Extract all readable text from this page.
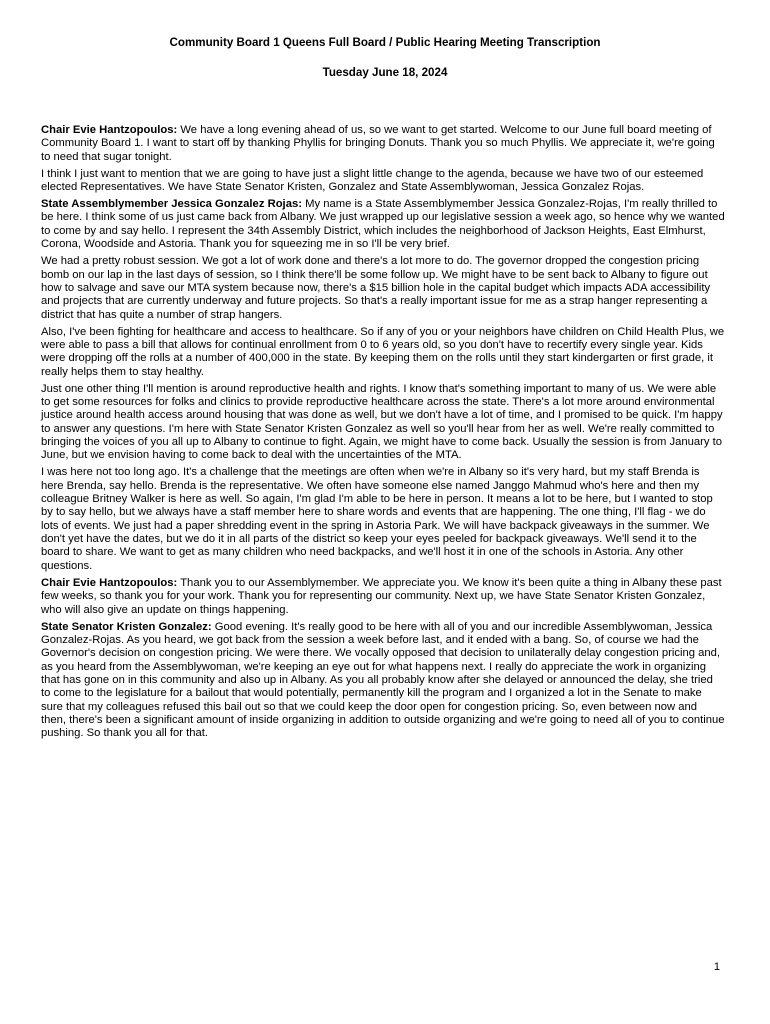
Community Board 1 Queens Full Board / Public Hearing Meeting Transcription
Tuesday June 18, 2024

Chair Evie Hantzopoulos: We have a long evening ahead of us, so we want to get started. Welcome to our June full board meeting of Community Board 1. I want to start off by thanking Phyllis for bringing Donuts. Thank you so much Phyllis. We appreciate it, we're going to need that sugar tonight.

I think I just want to mention that we are going to have just a slight little change to the agenda, because we have two of our esteemed elected Representatives. We have State Senator Kristen, Gonzalez and State Assemblywoman, Jessica Gonzalez Rojas.

State Assemblymember Jessica Gonzalez Rojas: My name is a State Assemblymember Jessica Gonzalez-Rojas, I'm really thrilled to be here. I think some of us just came back from Albany. We just wrapped up our legislative session a week ago, so hence why we wanted to come by and say hello. I represent the 34th Assembly District, which includes the neighborhood of Jackson Heights, East Elmhurst, Corona, Woodside and Astoria. Thank you for squeezing me in so I'll be very brief.

We had a pretty robust session. We got a lot of work done and there's a lot more to do. The governor dropped the congestion pricing bomb on our lap in the last days of session, so I think there'll be some follow up. We might have to be sent back to Albany to figure out how to salvage and save our MTA system because now, there's a $15 billion hole in the capital budget which impacts ADA accessibility and projects that are currently underway and future projects. So that's a really important issue for me as a strap hanger representing a district that has quite a number of strap hangers.

Also, I've been fighting for healthcare and access to healthcare. So if any of you or your neighbors have children on Child Health Plus, we were able to pass a bill that allows for continual enrollment from 0 to 6 years old, so you don't have to recertify every single year. Kids were dropping off the rolls at a number of 400,000 in the state. By keeping them on the rolls until they start kindergarten or first grade, it really helps them to stay healthy.

Just one other thing I'll mention is around reproductive health and rights. I know that's something important to many of us. We were able to get some resources for folks and clinics to provide reproductive healthcare across the state. There's a lot more around environmental justice around health access around housing that was done as well, but we don't have a lot of time, and I promised to be quick. I'm happy to answer any questions. I'm here with State Senator Kristen Gonzalez as well so you'll hear from her as well. We're really committed to bringing the voices of you all up to Albany to continue to fight. Again, we might have to come back. Usually the session is from January to June, but we envision having to come back to deal with the uncertainties of the MTA.

I was here not too long ago. It's a challenge that the meetings are often when we're in Albany so it's very hard, but my staff Brenda is here Brenda, say hello. Brenda is the representative. We often have someone else named Janggo Mahmud who's here and then my colleague Britney Walker is here as well. So again, I'm glad I'm able to be here in person. It means a lot to be here, but I wanted to stop by to say hello, but we always have a staff member here to share words and events that are happening. The one thing, I'll flag - we do lots of events. We just had a paper shredding event in the spring in Astoria Park. We will have backpack giveaways in the summer. We don't yet have the dates, but we do it in all parts of the district so keep your eyes peeled for backpack giveaways. We'll send it to the board to share. We want to get as many children who need backpacks, and we'll host it in one of the schools in Astoria. Any other questions.

Chair Evie Hantzopoulos: Thank you to our Assemblymember. We appreciate you. We know it's been quite a thing in Albany these past few weeks, so thank you for your work. Thank you for representing our community. Next up, we have State Senator Kristen Gonzalez, who will also give an update on things happening.

State Senator Kristen Gonzalez: Good evening. It's really good to be here with all of you and our incredible Assemblywoman, Jessica Gonzalez-Rojas. As you heard, we got back from the session a week before last, and it ended with a bang. So, of course we had the Governor's decision on congestion pricing. We were there. We vocally opposed that decision to unilaterally delay congestion pricing and, as you heard from the Assemblywoman, we're keeping an eye out for what happens next. I really do appreciate the work in organizing that has gone on in this community and also up in Albany. As you all probably know after she delayed or announced the delay, she tried to come to the legislature for a bailout that would potentially, permanently kill the program and I organized a lot in the Senate to make sure that my colleagues refused this bail out so that we could keep the door open for congestion pricing. So, even between now and then, there's been a significant amount of inside organizing in addition to outside organizing and we're going to need all of you to continue pushing. So thank you all for that.

1
